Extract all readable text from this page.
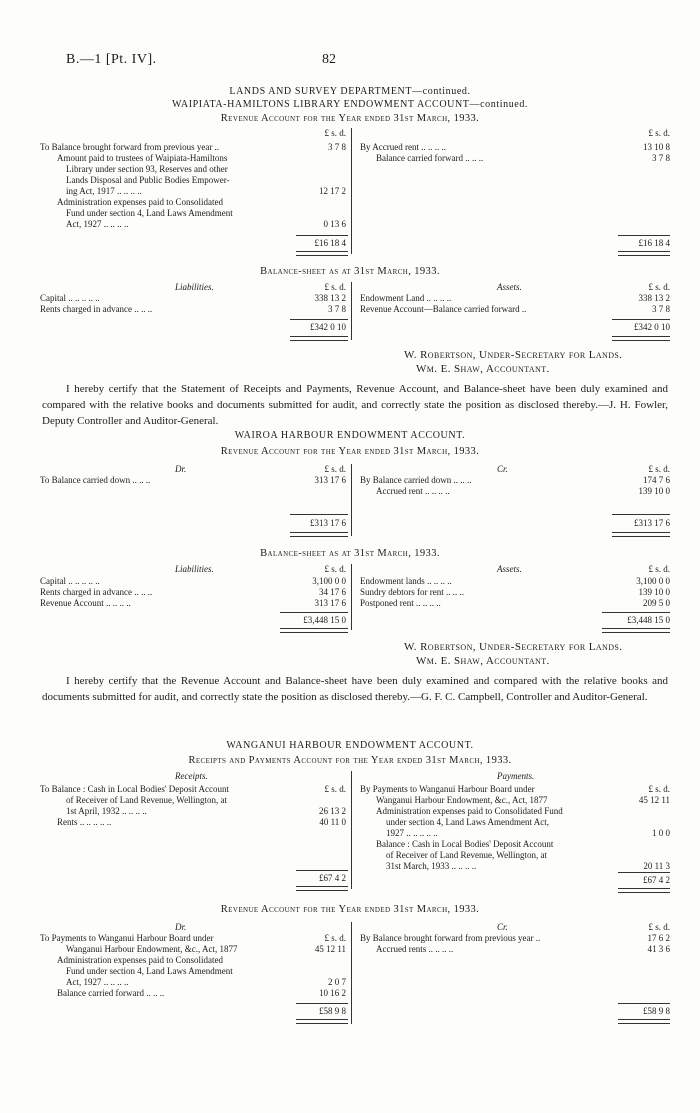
B.—1 [Pt. IV].	82
LANDS AND SURVEY DEPARTMENT—continued.
WAIPIATA-HAMILTONS LIBRARY ENDOWMENT ACCOUNT—continued.
Revenue Account for the Year ended 31st March, 1933.
£ s. d.	£ s. d.
To Balance brought forward from previous year ..	3 7 8
Amount paid to trustees of Waipiata-Hamiltons
Library under section 93, Reserves and other
Lands Disposal and Public Bodies Empower-
ing Act, 1917 .. .. .. ..	12 17 2
Administration expenses paid to Consolidated
Fund under section 4, Land Laws Amendment
Act, 1927 .. .. .. ..	0 13 6
£16 18 4
By Accrued rent .. .. .. ..	13 10 8
Balance carried forward .. .. ..	3 7 8
£16 18 4
Balance-sheet as at 31st March, 1933.
Liabilities.	Assets.
£ s. d.	£ s. d.
Capital .. .. .. .. ..	338 13 2
Rents charged in advance .. .. ..	3 7 8
£342 0 10
Endowment Land .. .. .. ..	338 13 2
Revenue Account—Balance carried forward ..	3 7 8
£342 0 10
W. Robertson, Under-Secretary for Lands.
Wm. E. Shaw, Accountant.
I hereby certify that the Statement of Receipts and Payments, Revenue Account, and Balance-sheet have been duly examined and compared with the relative books and documents submitted for audit, and correctly state the position as disclosed thereby.—J. H. Fowler, Deputy Controller and Auditor-General.
WAIROA HARBOUR ENDOWMENT ACCOUNT.
Revenue Account for the Year ended 31st March, 1933.
Dr.	Cr.
£ s. d.	£ s. d.
To Balance carried down .. .. ..	313 17 6
£313 17 6
By Balance carried down .. .. ..	174 7 6
Accrued rent .. .. .. ..	139 10 0
£313 17 6
Balance-sheet as at 31st March, 1933.
Liabilities.	Assets.
£ s. d.	£ s. d.
Capital .. .. .. .. ..	3,100 0 0
Rents charged in advance .. .. ..	34 17 6
Revenue Account .. .. .. ..	313 17 6
£3,448 15 0
Endowment lands .. .. .. ..	3,100 0 0
Sundry debtors for rent .. .. ..	139 10 0
Postponed rent .. .. .. ..	209 5 0
£3,448 15 0
W. Robertson, Under-Secretary for Lands.
Wm. E. Shaw, Accountant.
I hereby certify that the Revenue Account and Balance-sheet have been duly examined and compared with the relative books and documents submitted for audit, and correctly state the position as disclosed thereby.—G. F. C. Campbell, Controller and Auditor-General.
WANGANUI HARBOUR ENDOWMENT ACCOUNT.
Receipts and Payments Account for the Year ended 31st March, 1933.
Receipts.	Payments.
£ s. d.	£ s. d.
To Balance : Cash in Local Bodies' Deposit Account
of Receiver of Land Revenue, Wellington, at
1st April, 1932 .. .. .. ..	26 13 2
Rents .. .. .. .. ..	40 11 0
£67 4 2
By Payments to Wanganui Harbour Board under
Wanganui Harbour Endowment, &c., Act, 1877	45 12 11
Administration expenses paid to Consolidated Fund
under section 4, Land Laws Amendment Act,
1927 .. .. .. .. ..	1 0 0
Balance : Cash in Local Bodies' Deposit Account
of Receiver of Land Revenue, Wellington, at
31st March, 1933 .. .. .. ..	20 11 3
£67 4 2
Revenue Account for the Year ended 31st March, 1933.
Dr.	Cr.
£ s. d.
£ s. d.
To Payments to Wanganui Harbour Board under
Wanganui Harbour Endowment, &c., Act, 1877	45 12 11
Administration expenses paid to Consolidated
Fund under section 4, Land Laws Amendment
Act, 1927 .. .. .. ..	2 0 7
Balance carried forward .. .. ..	10 16 2
£58 9 8
By Balance brought forward from previous year ..	17 6 2
Accrued rents .. .. .. ..	41 3 6
£58 9 8
